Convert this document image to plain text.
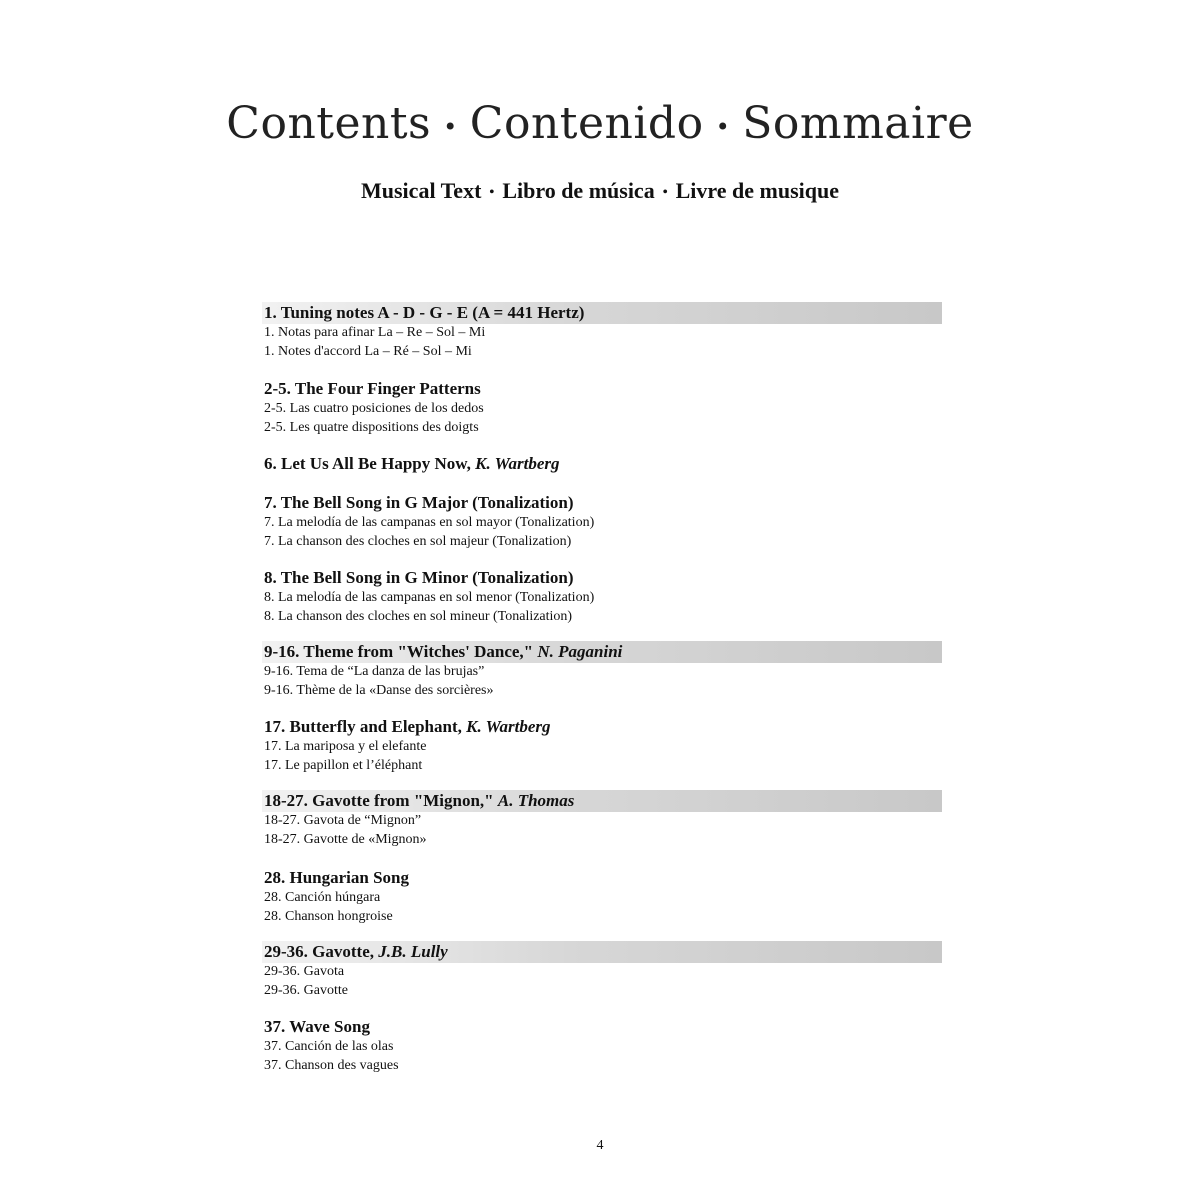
Contents • Contenido • Sommaire
Musical Text • Libro de música • Livre de musique
1. Tuning notes A - D - G - E (A = 441 Hertz)
1. Notas para afinar La – Re – Sol – Mi
1. Notes d'accord La – Ré – Sol – Mi
2-5. The Four Finger Patterns
2-5. Las cuatro posiciones de los dedos
2-5. Les quatre dispositions des doigts
6. Let Us All Be Happy Now, K. Wartberg
7. The Bell Song in G Major (Tonalization)
7. La melodía de las campanas en sol mayor (Tonalization)
7. La chanson des cloches en sol majeur (Tonalization)
8. The Bell Song in G Minor (Tonalization)
8. La melodía de las campanas en sol menor (Tonalization)
8. La chanson des cloches en sol mineur (Tonalization)
9-16. Theme from "Witches' Dance," N. Paganini
9-16. Tema de “La danza de las brujas”
9-16. Thème de la «Danse des sorcières»
17. Butterfly and Elephant, K. Wartberg
17. La mariposa y el elefante
17. Le papillon et l’éléphant
18-27. Gavotte from "Mignon," A. Thomas
18-27. Gavota de “Mignon”
18-27. Gavotte de «Mignon»
28. Hungarian Song
28. Canción húngara
28. Chanson hongroise
29-36. Gavotte, J.B. Lully
29-36. Gavota
29-36. Gavotte
37. Wave Song
37. Canción de las olas
37. Chanson des vagues
4
